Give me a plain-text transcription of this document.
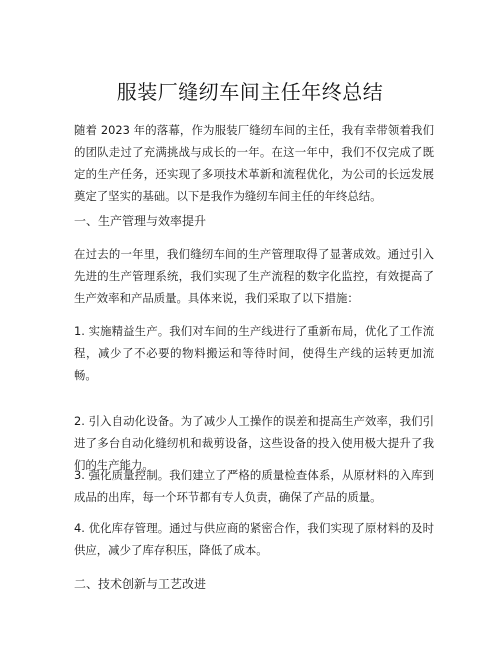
服装厂缝纫车间主任年终总结

随着 2023 年的落幕，作为服装厂缝纫车间的主任，我有幸带领着我们的团队走过了充满挑战与成长的一年。在这一年中，我们不仅完成了既定的生产任务，还实现了多项技术革新和流程优化，为公司的长远发展奠定了坚实的基础。以下是我作为缝纫车间主任的年终总结。

一、生产管理与效率提升

在过去的一年里，我们缝纫车间的生产管理取得了显著成效。通过引入先进的生产管理系统，我们实现了生产流程的数字化监控，有效提高了生产效率和产品质量。具体来说，我们采取了以下措施：

1. 实施精益生产。我们对车间的生产线进行了重新布局，优化了工作流程，减少了不必要的物料搬运和等待时间，使得生产线的运转更加流畅。

2. 引入自动化设备。为了减少人工操作的误差和提高生产效率，我们引进了多台自动化缝纫机和裁剪设备，这些设备的投入使用极大提升了我们的生产能力。

3. 强化质量控制。我们建立了严格的质量检查体系，从原材料的入库到成品的出库，每一个环节都有专人负责，确保了产品的质量。

4. 优化库存管理。通过与供应商的紧密合作，我们实现了原材料的及时供应，减少了库存积压，降低了成本。

二、技术创新与工艺改进
